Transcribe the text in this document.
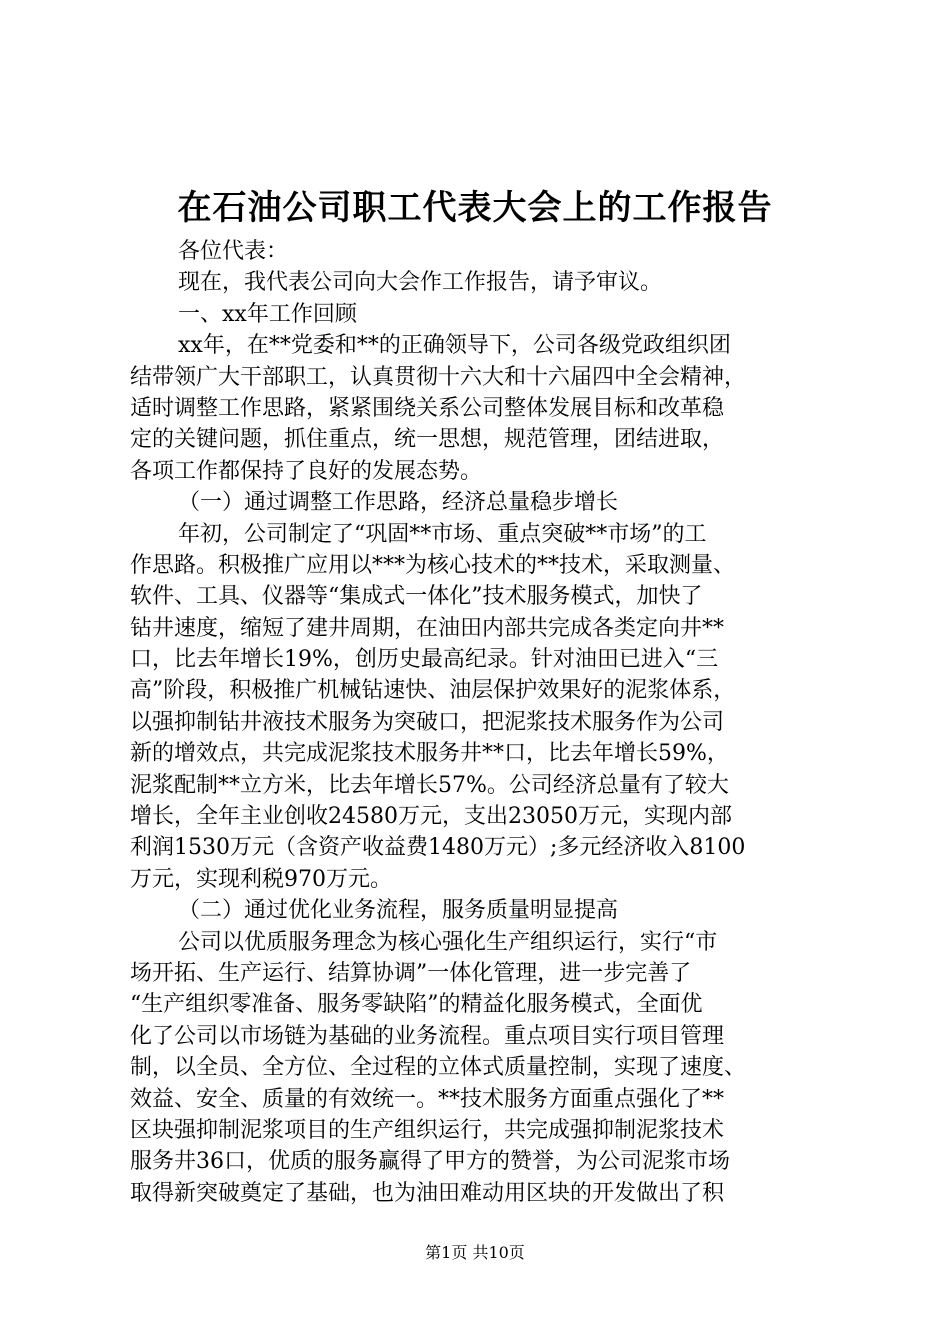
在石油公司职工代表大会上的工作报告
各位代表：
现在，我代表公司向大会作工作报告，请予审议。
一、xx年工作回顾
xx年，在**党委和**的正确领导下，公司各级党政组织团
结带领广大干部职工，认真贯彻十六大和十六届四中全会精神，
适时调整工作思路，紧紧围绕关系公司整体发展目标和改革稳
定的关键问题，抓住重点，统一思想，规范管理，团结进取，
各项工作都保持了良好的发展态势。
（一）通过调整工作思路，经济总量稳步增长
年初，公司制定了“巩固**市场、重点突破**市场”的工
作思路。积极推广应用以***为核心技术的**技术，采取测量、
软件、工具、仪器等“集成式一体化”技术服务模式，加快了
钻井速度，缩短了建井周期，在油田内部共完成各类定向井**
口，比去年增长19%，创历史最高纪录。针对油田已进入“三
高”阶段，积极推广机械钻速快、油层保护效果好的泥浆体系，
以强抑制钻井液技术服务为突破口，把泥浆技术服务作为公司
新的增效点，共完成泥浆技术服务井**口，比去年增长59%，
泥浆配制**立方米，比去年增长57%。公司经济总量有了较大
增长，全年主业创收24580万元，支出23050万元，实现内部
利润1530万元（含资产收益费1480万元）;多元经济收入8100
万元，实现利税970万元。
（二）通过优化业务流程，服务质量明显提高
公司以优质服务理念为核心强化生产组织运行，实行“市
场开拓、生产运行、结算协调”一体化管理，进一步完善了
“生产组织零准备、服务零缺陷”的精益化服务模式，全面优
化了公司以市场链为基础的业务流程。重点项目实行项目管理
制，以全员、全方位、全过程的立体式质量控制，实现了速度、
效益、安全、质量的有效统一。**技术服务方面重点强化了**
区块强抑制泥浆项目的生产组织运行，共完成强抑制泥浆技术
服务井36口，优质的服务赢得了甲方的赞誉，为公司泥浆市场
取得新突破奠定了基础，也为油田难动用区块的开发做出了积
第1页 共10页
